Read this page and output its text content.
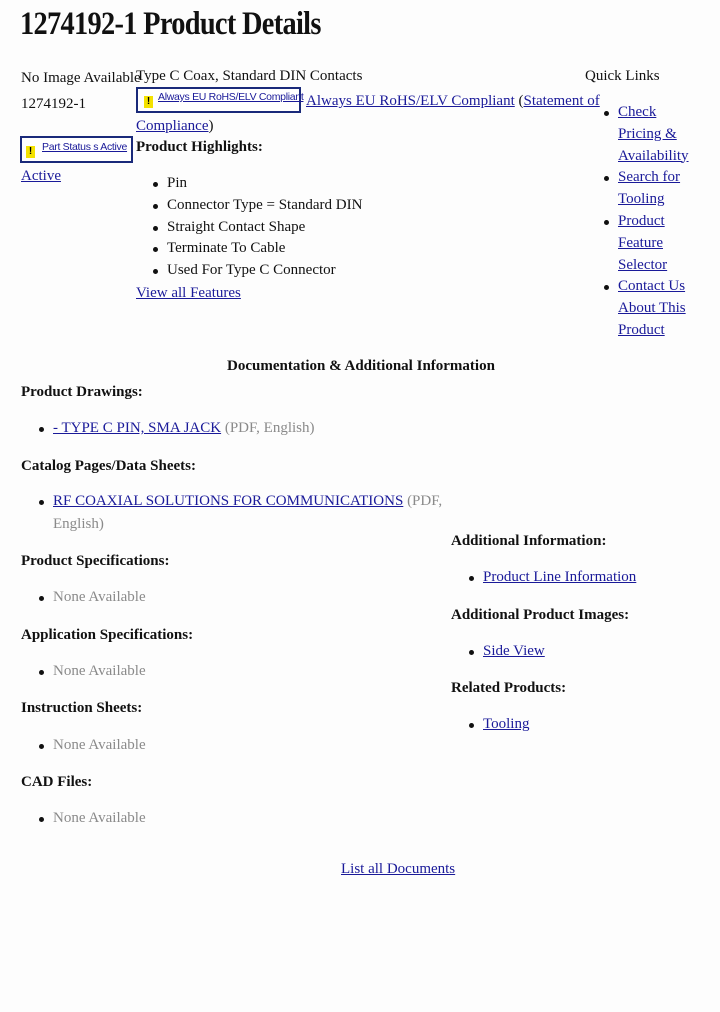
1274192-1 Product Details
No Image Available
1274192-1
! Part Status s Active
Active
Type C Coax, Standard DIN Contacts
! Always EU RoHS/ELV Compliant Always EU RoHS/ELV Compliant (Statement of
Compliance)
Product Highlights:
Pin
Connector Type = Standard DIN
Straight Contact Shape
Terminate To Cable
Used For Type C Connector
View all Features
Quick Links
Check Pricing & Availability
Search for Tooling
Product Feature Selector
Contact Us About This Product
Documentation & Additional Information
Product Drawings:
- TYPE C PIN, SMA JACK (PDF, English)
Catalog Pages/Data Sheets:
RF COAXIAL SOLUTIONS FOR COMMUNICATIONS (PDF,
English)
Product Specifications:
None Available
Application Specifications:
None Available
Instruction Sheets:
None Available
CAD Files:
None Available
Additional Information:
Product Line Information
Additional Product Images:
Side View
Related Products:
Tooling
List all Documents
